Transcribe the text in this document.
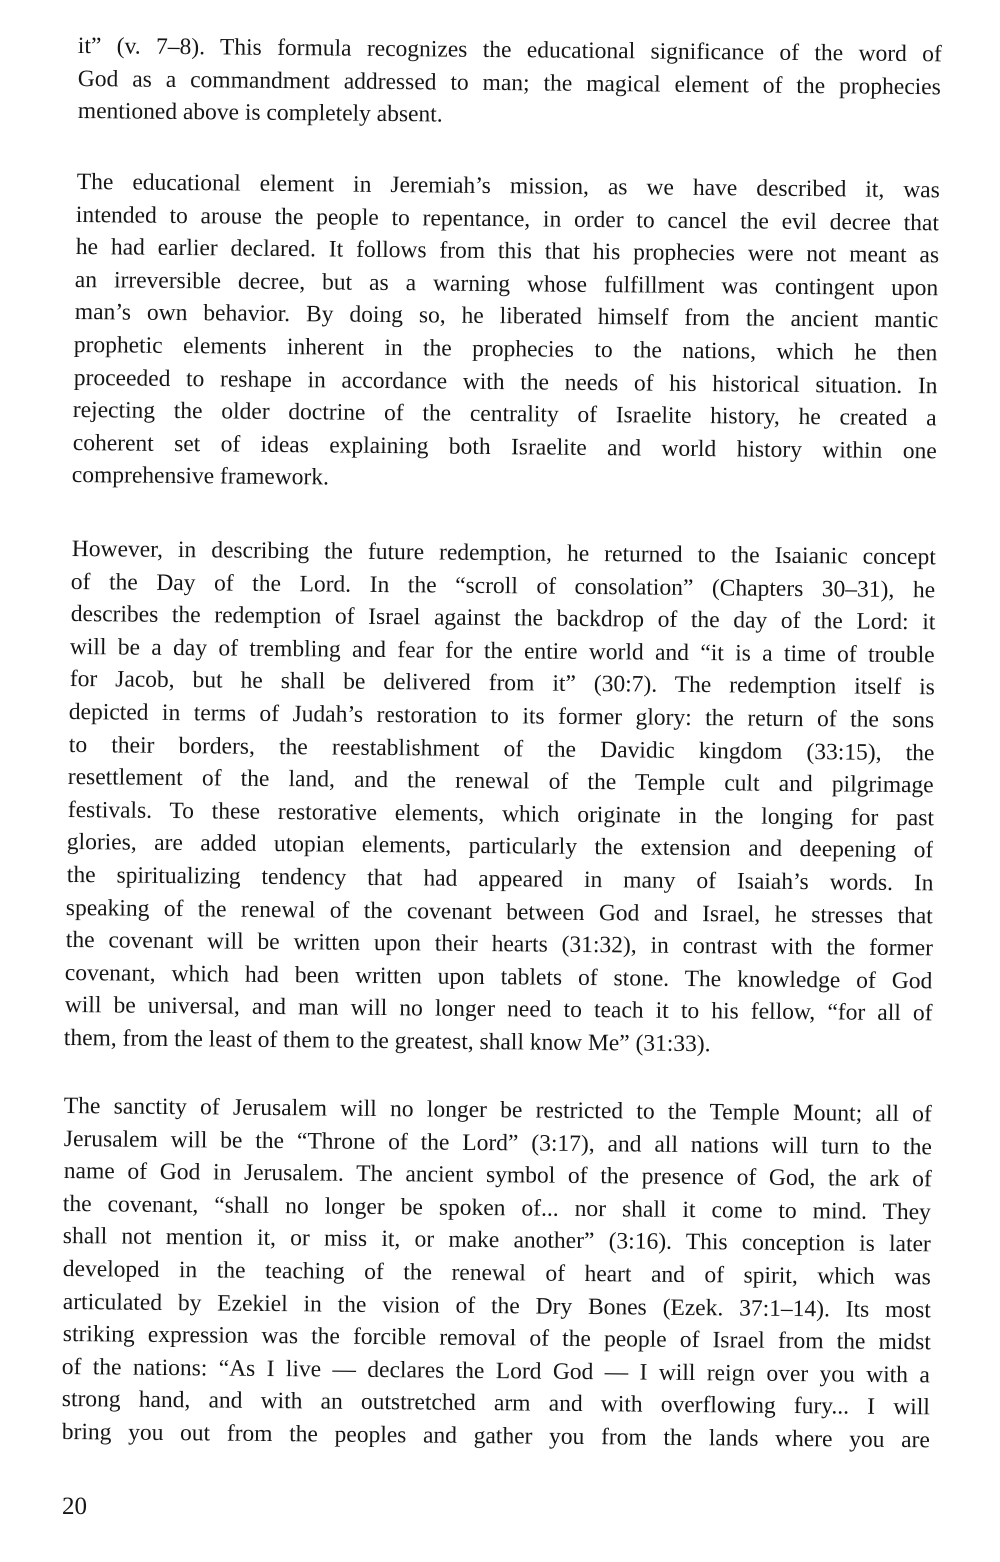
it” (v. 7–8). This formula recognizes the educational significance of the word of
God as a commandment addressed to man; the magical element of the prophecies
mentioned above is completely absent.
The educational element in Jeremiah’s mission, as we have described it, was
intended to arouse the people to repentance, in order to cancel the evil decree that
he had earlier declared. It follows from this that his prophecies were not meant as
an irreversible decree, but as a warning whose fulfillment was contingent upon
man’s own behavior. By doing so, he liberated himself from the ancient mantic
prophetic elements inherent in the prophecies to the nations, which he then
proceeded to reshape in accordance with the needs of his historical situation. In
rejecting the older doctrine of the centrality of Israelite history, he created a
coherent set of ideas explaining both Israelite and world history within one
comprehensive framework.
However, in describing the future redemption, he returned to the Isaianic concept
of the Day of the Lord. In the “scroll of consolation” (Chapters 30–31), he
describes the redemption of Israel against the backdrop of the day of the Lord: it
will be a day of trembling and fear for the entire world and “it is a time of trouble
for Jacob, but he shall be delivered from it” (30:7). The redemption itself is
depicted in terms of Judah’s restoration to its former glory: the return of the sons
to their borders, the reestablishment of the Davidic kingdom (33:15), the
resettlement of the land, and the renewal of the Temple cult and pilgrimage
festivals. To these restorative elements, which originate in the longing for past
glories, are added utopian elements, particularly the extension and deepening of
the spiritualizing tendency that had appeared in many of Isaiah’s words. In
speaking of the renewal of the covenant between God and Israel, he stresses that
the covenant will be written upon their hearts (31:32), in contrast with the former
covenant, which had been written upon tablets of stone. The knowledge of God
will be universal, and man will no longer need to teach it to his fellow, “for all of
them, from the least of them to the greatest, shall know Me” (31:33).
The sanctity of Jerusalem will no longer be restricted to the Temple Mount; all of
Jerusalem will be the “Throne of the Lord” (3:17), and all nations will turn to the
name of God in Jerusalem. The ancient symbol of the presence of God, the ark of
the covenant, “shall no longer be spoken of... nor shall it come to mind. They
shall not mention it, or miss it, or make another” (3:16). This conception is later
developed in the teaching of the renewal of heart and of spirit, which was
articulated by Ezekiel in the vision of the Dry Bones (Ezek. 37:1–14). Its most
striking expression was the forcible removal of the people of Israel from the midst
of the nations: “As I live — declares the Lord God — I will reign over you with a
strong hand, and with an outstretched arm and with overflowing fury... I will
bring you out from the peoples and gather you from the lands where you are
20
